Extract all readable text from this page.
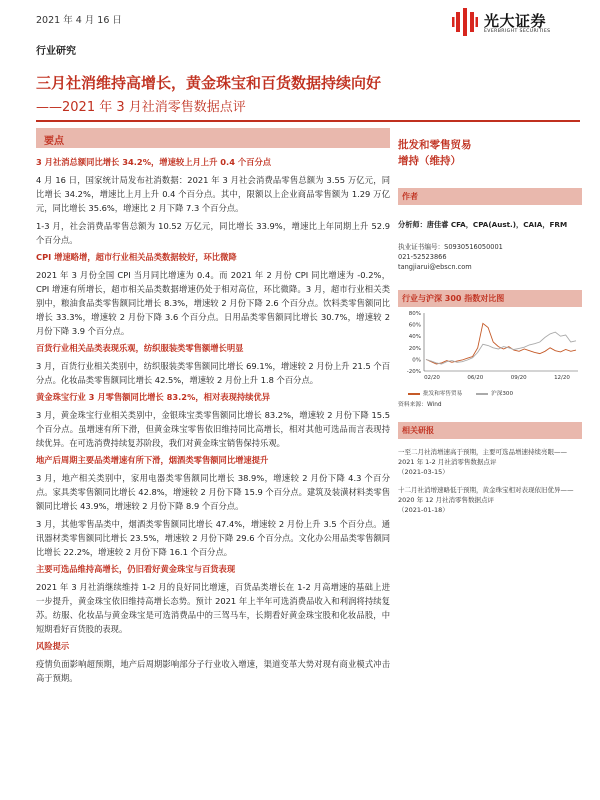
2021 年 4 月 16 日	光大证券
EVERBRIGHT SECURITIES
行业研究
三月社消维持高增长，黄金珠宝和百货数据持续向好
——2021 年 3 月社消零售数据点评
要点
3 月社消总额同比增长 34.2%，增速较上月上升 0.4 个百分点
4 月 16 日，国家统计局发布社消数据：2021 年 3 月社会消费品零售总额为 3.55 万亿元，同比增长 34.2%，增速比上月上升 0.4 个百分点。其中，限额以上企业商品零售额为 1.29 万亿元，同比增长 35.6%，增速比 2 月下降 7.3 个百分点。
1-3 月，社会消费品零售总额为 10.52 万亿元，同比增长 33.9%，增速比上年同期上升 52.9 个百分点。
CPI 增速略增，超市行业相关品类数据较好，环比微降
2021 年 3 月份全国 CPI 当月同比增速为 0.4。而 2021 年 2 月份 CPI 同比增速为 -0.2%，CPI 增速有所增长，超市相关品类数据增速仍处于相对高位，环比微降。3 月，超市行业相关类别中，粮油食品类零售额同比增长 8.3%，增速较 2 月份下降 2.6 个百分点。饮料类零售额同比增长 33.3%，增速较 2 月份下降 3.6 个百分点。日用品类零售额同比增长 30.7%，增速较 2 月份下降 3.9 个百分点。
百货行业相关品类表现乐观，纺织服装类零售额增长明显
3 月，百货行业相关类别中，纺织服装类零售额同比增长 69.1%，增速较 2 月份上升 21.5 个百分点。化妆品类零售额同比增长 42.5%，增速较 2 月份上升 1.8 个百分点。
黄金珠宝行业 3 月零售额同比增长 83.2%，相对表现持续优异
3 月，黄金珠宝行业相关类别中，金银珠宝类零售额同比增长 83.2%，增速较 2 月份下降 15.5 个百分点。虽增速有所下滑，但黄金珠宝零售依旧维持同比高增长，相对其他可选品而言表现持续优异。在可选消费持续复苏阶段，我们对黄金珠宝销售保持乐观。
地产后周期主要品类增速有所下滑，烟酒类零售额同比增速提升
3 月，地产相关类别中，家用电器类零售额同比增长 38.9%，增速较 2 月份下降 4.3 个百分点。家具类零售额同比增长 42.8%，增速较 2 月份下降 15.9 个百分点。建筑及装潢材料类零售额同比增长 43.9%，增速较 2 月份下降 8.9 个百分点。
3 月，其他零售品类中，烟酒类零售额同比增长 47.4%，增速较 2 月份上升 3.5 个百分点。通讯器材类零售额同比增长 23.5%，增速较 2 月份下降 29.6 个百分点。文化办公用品类零售额同比增长 22.2%，增速较 2 月份下降 16.1 个百分点。
主要可选品维持高增长，仍旧看好黄金珠宝与百货表现
2021 年 3 月社消继续维持 1-2 月的良好同比增速，百货品类增长在 1-2 月高增速的基础上进一步提升，黄金珠宝依旧维持高增长态势。预计 2021 年上半年可选消费品收入和利润将持续复苏。纺服、化妆品与黄金珠宝是可选消费品中的三驾马车，长期看好黄金珠宝股和化妆品股，中短期看好百货股的表现。
风险提示
疫情负面影响超预期，地产后周期影响部分子行业收入增速，渠道变革大势对现有商业模式冲击高于预期。
批发和零售贸易
增持（维持）
作者
分析师：唐佳睿 CFA，CPA(Aust.)，CAIA，FRM
执业证书编号：S0930516050001
021-52523866
tangjiarui@ebscn.com
行业与沪深 300 指数对比图
-20%
0%
20%
40%
60%
80%
02/20	06/20	09/20	12/20
批发和零售贸易	沪深300
资料来源：Wind
相关研报
一至二月社消增速高于预期，主要可选品增速持续亮眼——2021 年 1-2 月社消零售数据点评
（2021-03-15）
十二月社消增速略低于预期，黄金珠宝相对表现依旧优异——2020 年 12 月社消零售数据点评
（2021-01-18）
